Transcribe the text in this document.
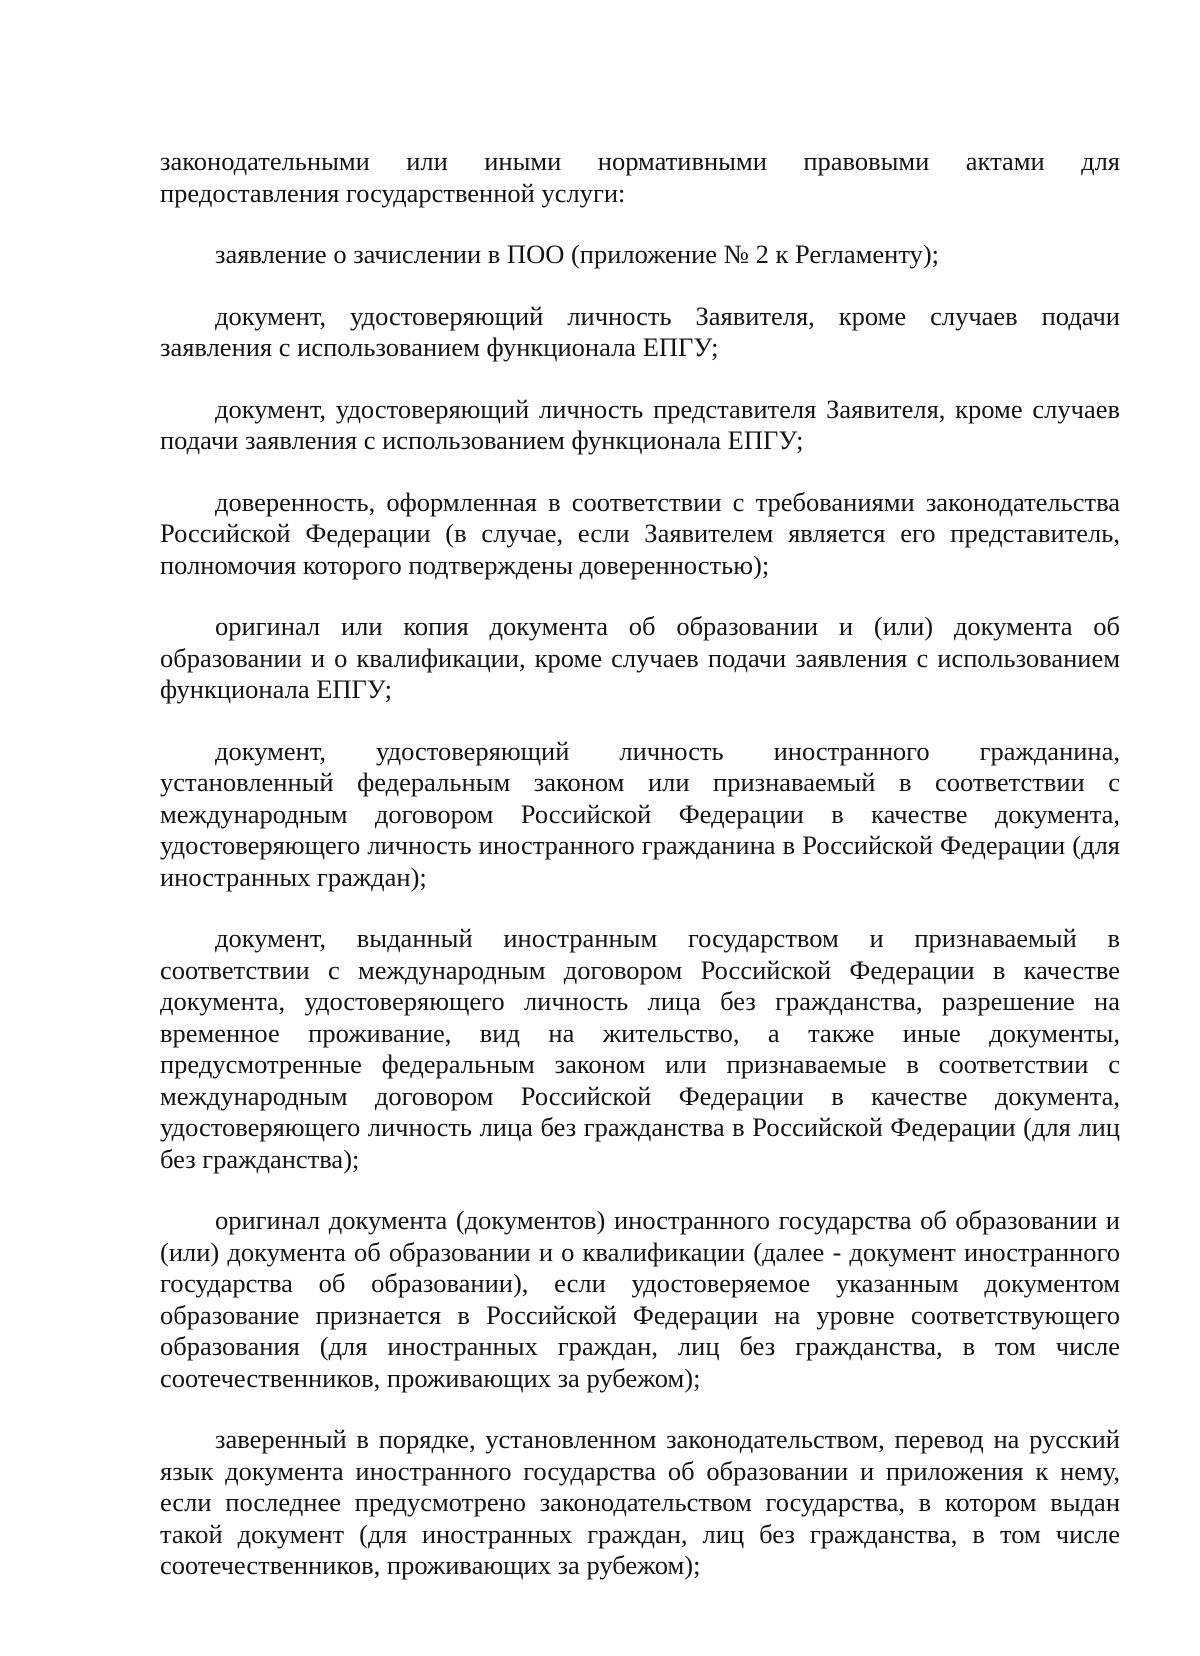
законодательными или иными нормативными правовыми актами для предоставления государственной услуги:

заявление о зачислении в ПОО (приложение № 2 к Регламенту);

документ, удостоверяющий личность Заявителя, кроме случаев подачи заявления с использованием функционала ЕПГУ;

документ, удостоверяющий личность представителя Заявителя, кроме случаев подачи заявления с использованием функционала ЕПГУ;

доверенность, оформленная в соответствии с требованиями законодательства Российской Федерации (в случае, если Заявителем является его представитель, полномочия которого подтверждены доверенностью);

оригинал или копия документа об образовании и (или) документа об образовании и о квалификации, кроме случаев подачи заявления с использованием функционала ЕПГУ;

документ, удостоверяющий личность иностранного гражданина, установленный федеральным законом или признаваемый в соответствии с международным договором Российской Федерации в качестве документа, удостоверяющего личность иностранного гражданина в Российской Федерации (для иностранных граждан);

документ, выданный иностранным государством и признаваемый в соответствии с международным договором Российской Федерации в качестве документа, удостоверяющего личность лица без гражданства, разрешение на временное проживание, вид на жительство, а также иные документы, предусмотренные федеральным законом или признаваемые в соответствии с международным договором Российской Федерации в качестве документа, удостоверяющего личность лица без гражданства в Российской Федерации (для лиц без гражданства);

оригинал документа (документов) иностранного государства об образовании и (или) документа об образовании и о квалификации (далее - документ иностранного государства об образовании), если удостоверяемое указанным документом образование признается в Российской Федерации на уровне соответствующего образования (для иностранных граждан, лиц без гражданства, в том числе соотечественников, проживающих за рубежом);

заверенный в порядке, установленном законодательством, перевод на русский язык документа иностранного государства об образовании и приложения к нему, если последнее предусмотрено законодательством государства, в котором выдан такой документ (для иностранных граждан, лиц без гражданства, в том числе соотечественников, проживающих за рубежом);
